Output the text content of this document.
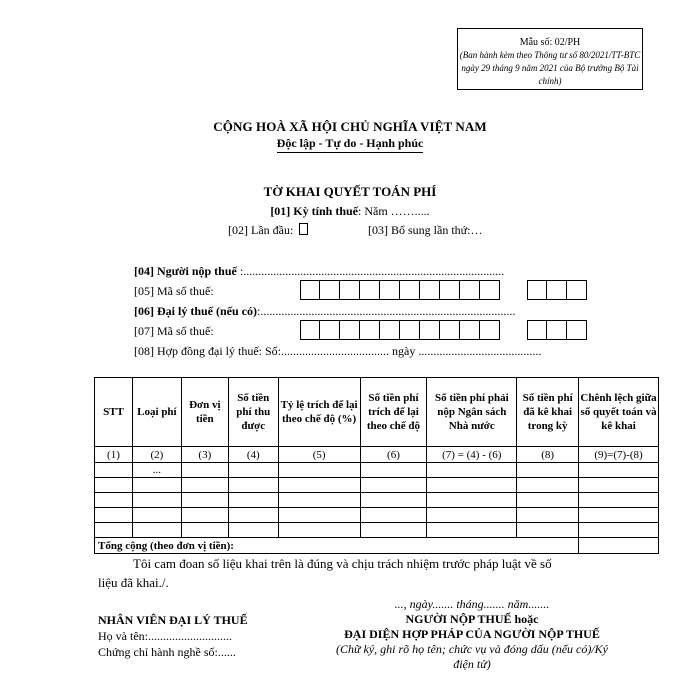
Mẫu số: 02/PH
(Ban hành kèm theo Thông tư số 80/2021/TT-BTC ngày 29 tháng 9 năm 2021 của Bộ trưởng Bộ Tài chính)
CỘNG HOÀ XÃ HỘI CHỦ NGHĨA VIỆT NAM
Độc lập - Tự do - Hạnh phúc
TỜ KHAI QUYẾT TOÁN PHÍ
[01] Kỳ tính thuế: Năm …….....
[02] Lần đầu:	[03] Bổ sung lần thứ:…
[04] Người nộp thuế :.......................................................................................
[05] Mã số thuế:
[06] Đại lý thuế (nếu có):.....................................................................................
[07] Mã số thuế:
[08] Hợp đồng đại lý thuế: Số:.................................... ngày .........................................
STT	Loại phí	Đơn vị tiền	Số tiền phí thu được	Tỷ lệ trích để lại theo chế độ (%)	Số tiền phí trích để lại theo chế độ	Số tiền phí phải nộp Ngân sách Nhà nước	Số tiền phí đã kê khai trong kỳ	Chênh lệch giữa số quyết toán và kê khai
(1)	(2)	(3)	(4)	(5)	(6)	(7) = (4) - (6)	(8)	(9)=(7)-(8)
	...							

Tổng cộng (theo đơn vị tiền):								
Tôi cam đoan số liệu khai trên là đúng và chịu trách nhiệm trước pháp luật về số
liệu đã khai./.
NHÂN VIÊN ĐẠI LÝ THUẾ
Họ và tên:............................
Chứng chỉ hành nghề số:......
..., ngày....... tháng....... năm.......
NGƯỜI NỘP THUẾ hoặc
ĐẠI DIỆN HỢP PHÁP CỦA NGƯỜI NỘP THUẾ
(Chữ ký, ghi rõ họ tên; chức vụ và đóng dấu (nếu có)/Ký điện tử)
